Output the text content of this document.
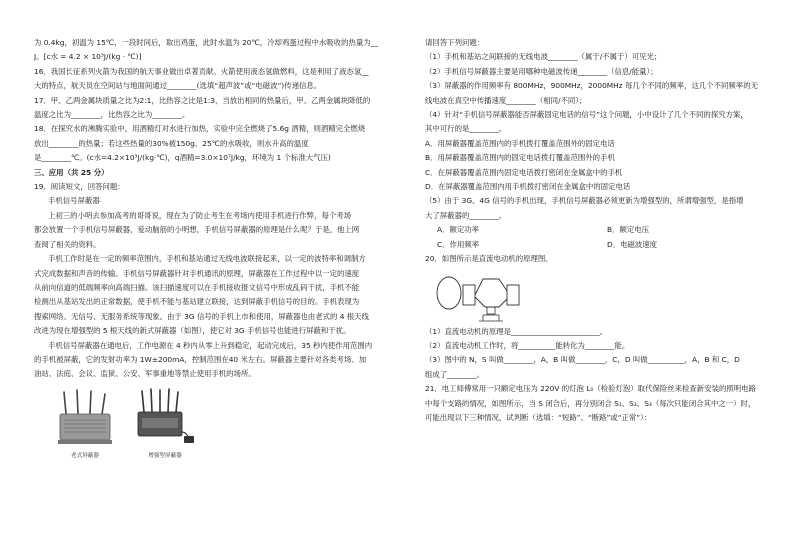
为 0.4kg，初温为 15℃，一段时间后，取出鸡蛋，此时水温为 20℃，冷却鸡蛋过程中水吸收的热量为__

J。[c水 = 4.2 × 10³J/(kg · ℃)]

16．我国长征系列火箭为我国的航天事业做出卓著贡献。火箭使用液态氢做燃料，这是利用了液态氢__

大的特点，航天员在空间站与地面间通过________(选填“超声波”或“电磁波”)传递信息。

17．甲、乙两金属块质量之比为2:1，比热容之比是1:3，当放出相同的热量后，甲、乙两金属块降低的

温度之比为________，比热容之比为________。

18．在探究水的沸腾实验中，用酒精灯对水进行加热，实验中完全燃烧了5.6g 酒精，则酒精完全燃烧

放出________的热量；若这些热量的30%被150g、25℃的水吸收，则水升高的温度

是________℃。(c水=4.2×10³J/(kg·℃)，q酒精=3.0×10⁷J/kg，环境为 1 个标准大气压)

三、应用（共 25 分）

19．阅读短文，回答问题：

手机信号屏蔽器

上初三的小明去参加高考的哥哥说，现在为了防止考生在考场内使用手机进行作弊，每个考场

都会放置一个手机信号屏蔽器，爱动脑筋的小明想，手机信号屏蔽器的原理是什么呢？于是，他上网

查阅了相关的资料。

手机工作时是在一定的频率范围内，手机和基站通过无线电波联接起来，以一定的波特率和调制方

式完成数据和声音的传输。手机信号屏蔽器针对手机通讯的原理，屏蔽器在工作过程中以一定的速度

从前向信道的低端频率向高端扫描。该扫描速度可以在手机接收报文信号中形成乱码干扰，手机不能

检测出从基站发出的正常数据，使手机不能与基站建立联接，达到屏蔽手机信号的目的。手机表现为

搜索网络、无信号、无服务系统等现象。由于 3G 信号的手机上市和使用，屏蔽器也由老式的 4 根天线

改进为现在增强型的 5 根天线的新式屏蔽器（如图），使它对 3G 手机信号也能进行屏蔽和干扰。

手机信号屏蔽器在通电后，工作电源在 4 秒内从零上升到稳定，起动完成后，35 秒内使作用范围内

的手机被屏蔽，它的发射功率为 1W±200mA，控制范围在40 米左右。屏蔽器主要针对各类考场、加

油站、法庭、会议、监狱、公安、军事重地等禁止使用手机的场所。

老式屏蔽器	增强型屏蔽器

请回答下列问题：

（1）手机和基站之间联接的无线电波________（属于/不属于）可见光；

（2）手机信号屏蔽器主要是用哪种电磁波传递________（信息/能量）；

（3）屏蔽器的作用频率有 800MHz，900MHz，2000MHz 每几个不同的频率，这几个不同频率的无

线电波在真空中传播速度________（相同/不同）；

（4）针对“手机信号屏蔽器能否屏蔽固定电话的信号”这个问题，小中设计了几个不同的探究方案，

其中可行的是________。

A．用屏蔽器覆盖范围内的手机拨打覆盖范围外的固定电话

B．用屏蔽器覆盖范围内的固定电话拨打覆盖范围外的手机

C．在屏蔽器覆盖范围内固定电话拨打密闭在金属盒中的手机

D．在屏蔽器覆盖范围内用手机拨打密闭在金属盒中的固定电话

（5）由于 3G、4G 信号的手机出现，手机信号屏蔽器必须更新为增强型的，所谓增强型，是指增

大了屏蔽器的________。

A．额定功率	B．额定电压
C．作用频率	D．电磁波速度

20．如图所示是直流电动机的原理图。

（1）直流电动机的原理是________________________。

（2）直流电动机工作时，将__________能转化为________能。

（3）图中的 N，S 叫做________，A，B 叫做________，C，D 叫做__________，A，B 和 C，D

组成了________。

21．电工师傅常用一只额定电压为 220V 的灯泡 L₀（检验灯泡）取代保险丝来检查新安装的照明电路

中每个支路的情况，如图所示，当 S 闭合后，再分别闭合 S₁、S₂、S₃（每次只能闭合其中之一）时，

可能出现以下三种情况，试判断（选填：“短路”、“断路”或“正常”）：
